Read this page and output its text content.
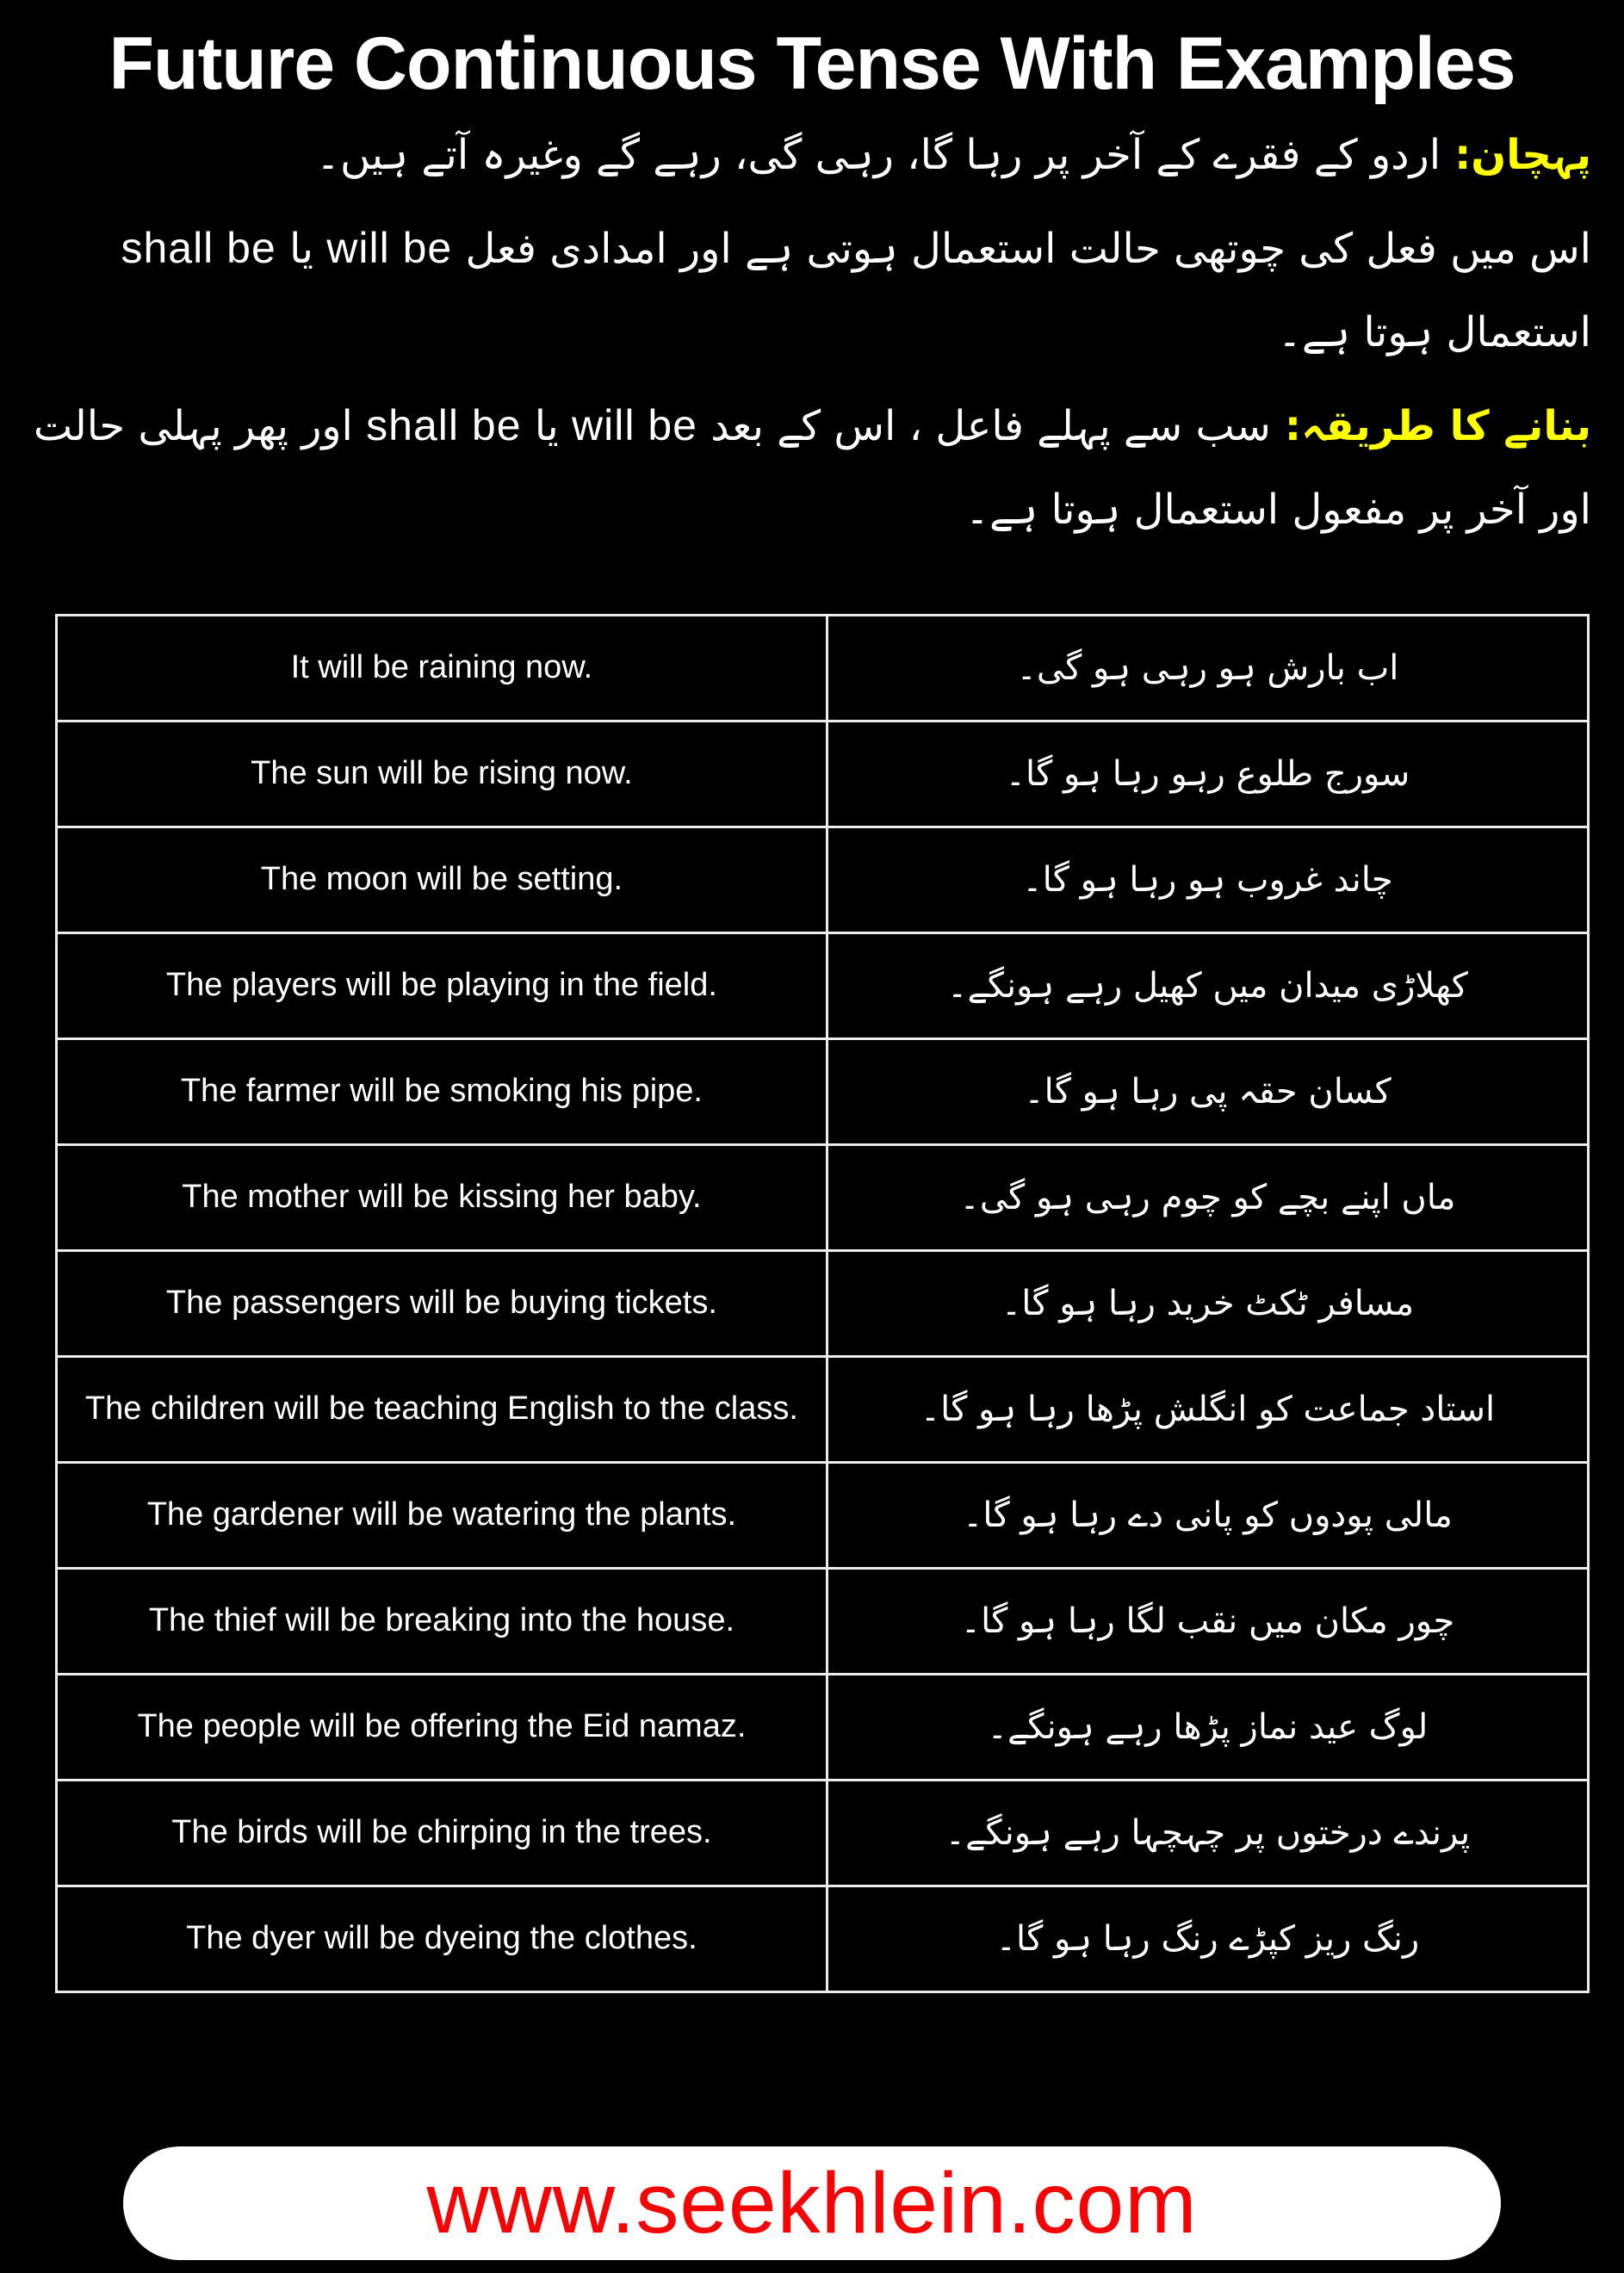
Future Continuous Tense With Examples

پہچان:اردو کے فقرے کے آخر پر رہا گا، رہی گی، رہے گے وغیرہ آتے ہیں۔

اس میں فعل کی چوتھی حالت استعمال ہوتی ہے اور امدادی فعل will be یا shall be استعمال ہوتا ہے۔

بنانے کا طریقہ:سب سے پہلے فاعل ، اس کے بعد will be یا shall be اور پھر پہلی حالت اور آخر پر مفعول استعمال ہوتا ہے۔

It will be raining now.	اب بارش ہو رہی ہو گی۔
The sun will be rising now.	سورج طلوع رہو رہا ہو گا۔
The moon will be setting.	چاند غروب ہو رہا ہو گا۔
The players will be playing in the field.	کھلاڑی میدان میں کھیل رہے ہونگے۔
The farmer will be smoking his pipe.	کسان حقہ پی رہا ہو گا۔
The mother will be kissing her baby.	ماں اپنے بچے کو چوم رہی ہو گی۔
The passengers will be buying tickets.	مسافر ٹکٹ خرید رہا ہو گا۔
The children will be teaching English to the class.	استاد جماعت کو انگلش پڑھا رہا ہو گا۔
The gardener will be watering the plants.	مالی پودوں کو پانی دے رہا ہو گا۔
The thief will be breaking into the house.	چور مکان میں نقب لگا رہا ہو گا۔
The people will be offering the Eid namaz.	لوگ عید نماز پڑھا رہے ہونگے۔
The birds will be chirping in the trees.	پرندے درختوں پر چہچہا رہے ہونگے۔
The dyer will be dyeing the clothes.	رنگ ریز کپڑے رنگ رہا ہو گا۔
www.seekhlein.com
